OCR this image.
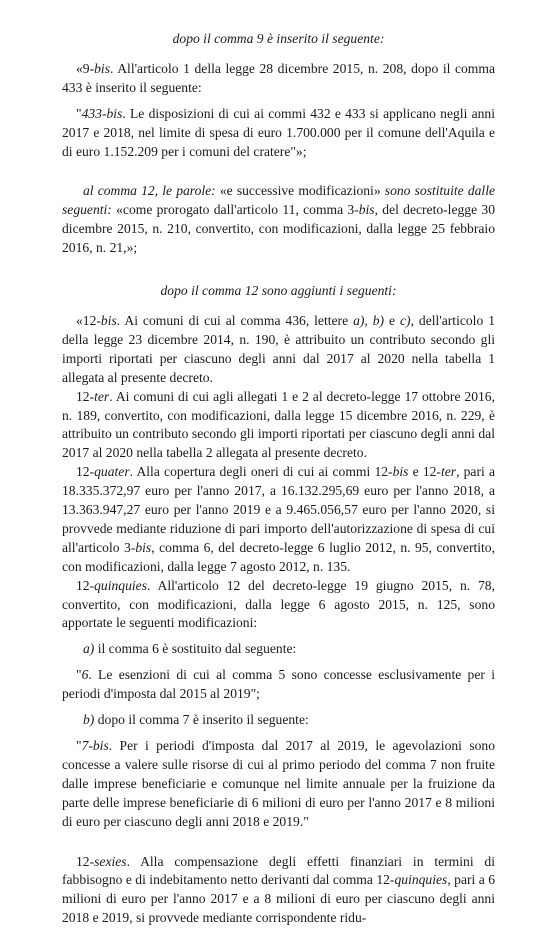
dopo il comma 9 è inserito il seguente:

«9-bis. All'articolo 1 della legge 28 dicembre 2015, n. 208, dopo il comma 433 è inserito il seguente:

"433-bis. Le disposizioni di cui ai commi 432 e 433 si applicano negli anni 2017 e 2018, nel limite di spesa di euro 1.700.000 per il comune dell'Aquila e di euro 1.152.209 per i comuni del cratere"»;

al comma 12, le parole: «e successive modificazioni» sono sostituite dalle seguenti: «come prorogato dall'articolo 11, comma 3-bis, del decreto-legge 30 dicembre 2015, n. 210, convertito, con modificazioni, dalla legge 25 febbraio 2016, n. 21,»;

dopo il comma 12 sono aggiunti i seguenti:

«12-bis. Ai comuni di cui al comma 436, lettere a), b) e c), dell'articolo 1 della legge 23 dicembre 2014, n. 190, è attribuito un contributo secondo gli importi riportati per ciascuno degli anni dal 2017 al 2020 nella tabella 1 allegata al presente decreto.

12-ter. Ai comuni di cui agli allegati 1 e 2 al decreto-legge 17 ottobre 2016, n. 189, convertito, con modificazioni, dalla legge 15 dicembre 2016, n. 229, è attribuito un contributo secondo gli importi riportati per ciascuno degli anni dal 2017 al 2020 nella tabella 2 allegata al presente decreto.

12-quater. Alla copertura degli oneri di cui ai commi 12-bis e 12-ter, pari a 18.335.372,97 euro per l'anno 2017, a 16.132.295,69 euro per l'anno 2018, a 13.363.947,27 euro per l'anno 2019 e a 9.465.056,57 euro per l'anno 2020, si provvede mediante riduzione di pari importo dell'autorizzazione di spesa di cui all'articolo 3-bis, comma 6, del decreto-legge 6 luglio 2012, n. 95, convertito, con modificazioni, dalla legge 7 agosto 2012, n. 135.

12-quinquies. All'articolo 12 del decreto-legge 19 giugno 2015, n. 78, convertito, con modificazioni, dalla legge 6 agosto 2015, n. 125, sono apportate le seguenti modificazioni:

a) il comma 6 è sostituito dal seguente:

"6. Le esenzioni di cui al comma 5 sono concesse esclusivamente per i periodi d'imposta dal 2015 al 2019";

b) dopo il comma 7 è inserito il seguente:

"7-bis. Per i periodi d'imposta dal 2017 al 2019, le agevolazioni sono concesse a valere sulle risorse di cui al primo periodo del comma 7 non fruite dalle imprese beneficiarie e comunque nel limite annuale per la fruizione da parte delle imprese beneficiarie di 6 milioni di euro per l'anno 2017 e 8 milioni di euro per ciascuno degli anni 2018 e 2019."

12-sexies. Alla compensazione degli effetti finanziari in termini di fabbisogno e di indebitamento netto derivanti dal comma 12-quinquies, pari a 6 milioni di euro per l'anno 2017 e a 8 milioni di euro per ciascuno degli anni 2018 e 2019, si provvede mediante corrispondente ridu-
